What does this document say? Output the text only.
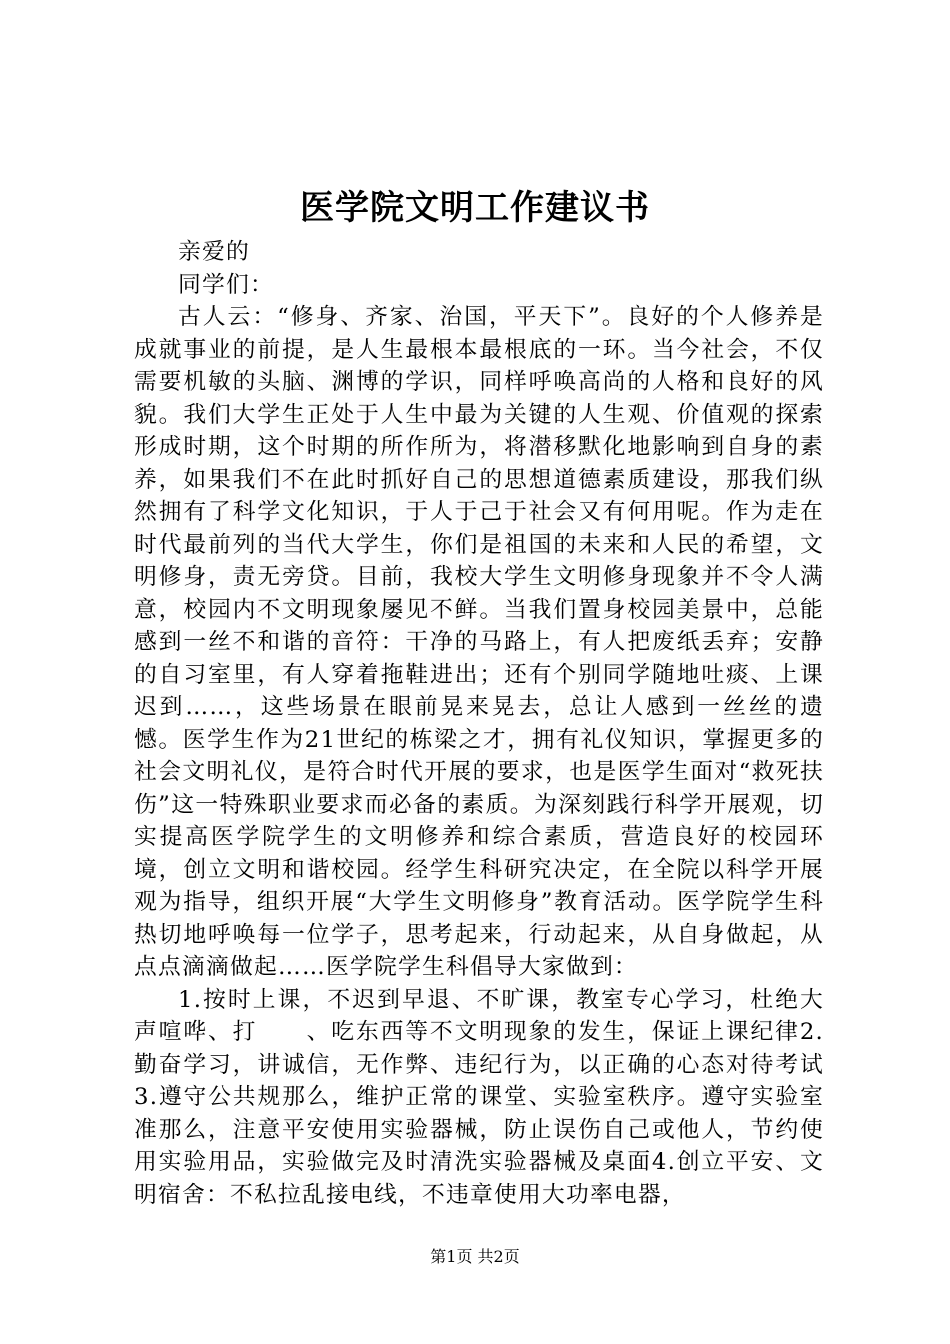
医学院文明工作建议书

亲爱的

同学们：

古人云：“修身、齐家、治国，平天下”。良好的个人修养是成就事业的前提，是人生最根本最根底的一环。当今社会，不仅需要机敏的头脑、渊博的学识，同样呼唤高尚的人格和良好的风貌。我们大学生正处于人生中最为关键的人生观、价值观的探索形成时期，这个时期的所作所为，将潜移默化地影响到自身的素养，如果我们不在此时抓好自己的思想道德素质建设，那我们纵然拥有了科学文化知识，于人于己于社会又有何用呢。作为走在时代最前列的当代大学生，你们是祖国的未来和人民的希望，文明修身，责无旁贷。目前，我校大学生文明修身现象并不令人满意，校园内不文明现象屡见不鲜。当我们置身校园美景中，总能感到一丝不和谐的音符：干净的马路上，有人把废纸丢弃；安静的自习室里，有人穿着拖鞋进出；还有个别同学随地吐痰、上课迟到……，这些场景在眼前晃来晃去，总让人感到一丝丝的遗憾。医学生作为21世纪的栋梁之才，拥有礼仪知识，掌握更多的社会文明礼仪，是符合时代开展的要求，也是医学生面对“救死扶伤”这一特殊职业要求而必备的素质。为深刻践行科学开展观，切实提高医学院学生的文明修养和综合素质，营造良好的校园环境，创立文明和谐校园。经学生科研究决定，在全院以科学开展观为指导，组织开展“大学生文明修身”教育活动。医学院学生科热切地呼唤每一位学子，思考起来，行动起来，从自身做起，从点点滴滴做起……医学院学生科倡导大家做到：

1.按时上课，不迟到早退、不旷课，教室专心学习，杜绝大声喧哗、打　　、吃东西等不文明现象的发生，保证上课纪律2.勤奋学习，讲诚信，无作弊、违纪行为，以正确的心态对待考试3.遵守公共规那么，维护正常的课堂、实验室秩序。遵守实验室准那么，注意平安使用实验器械，防止误伤自己或他人，节约使用实验用品，实验做完及时清洗实验器械及桌面4.创立平安、文明宿舍：不私拉乱接电线，不违章使用大功率电器，

第1页 共2页
